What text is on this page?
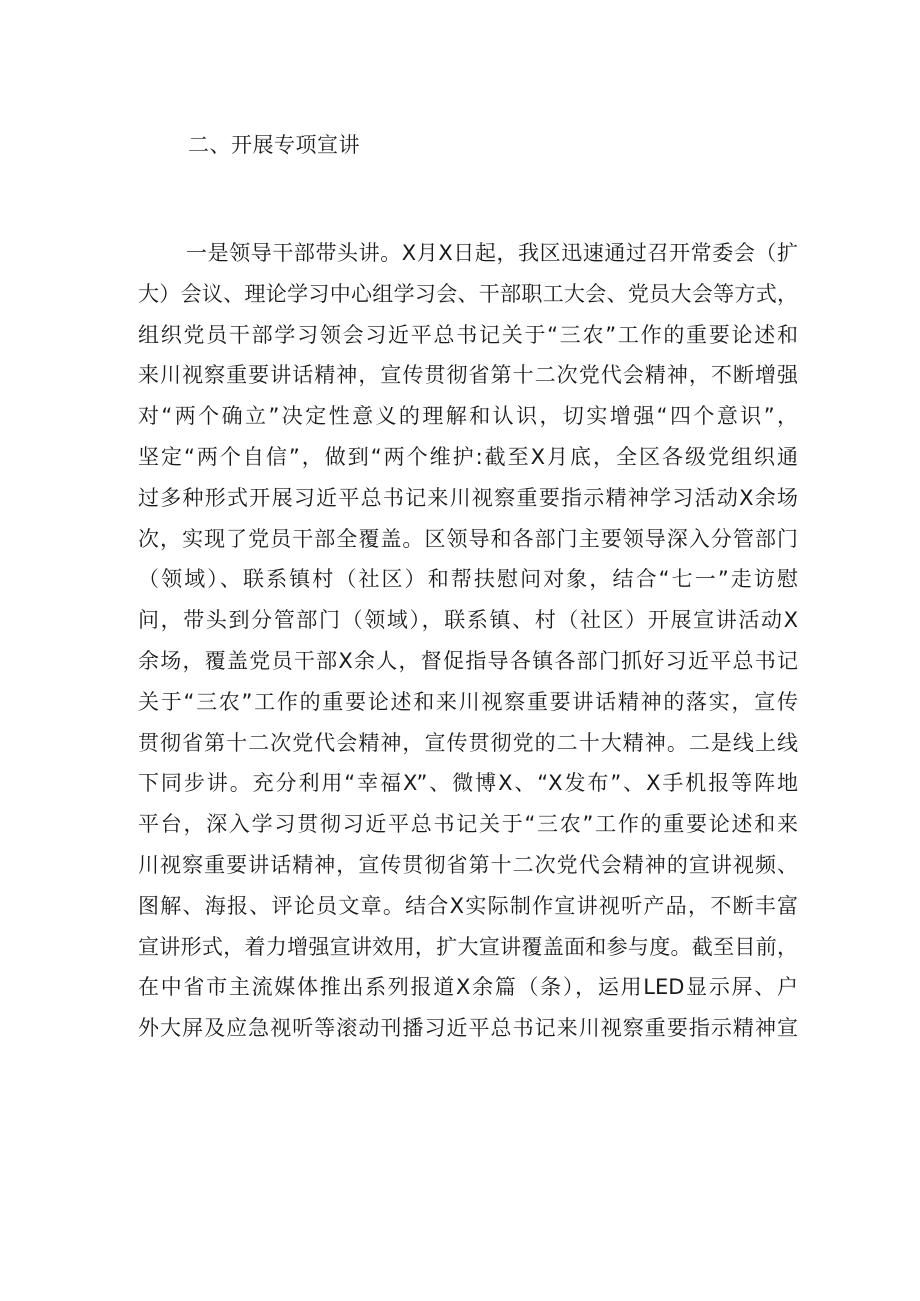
二、开展专项宣讲
一是领导干部带头讲。X月X日起，我区迅速通过召开常委会（扩
大）会议、理论学习中心组学习会、干部职工大会、党员大会等方式，
组织党员干部学习领会习近平总书记关于“三农”工作的重要论述和
来川视察重要讲话精神，宣传贯彻省第十二次党代会精神，不断增强
对“两个确立”决定性意义的理解和认识，切实增强“四个意识”，
坚定“两个自信”，做到“两个维护:截至X月底，全区各级党组织通
过多种形式开展习近平总书记来川视察重要指示精神学习活动X余场
次，实现了党员干部全覆盖。区领导和各部门主要领导深入分管部门
（领域）、联系镇村（社区）和帮扶慰问对象，结合“七一”走访慰
问，带头到分管部门（领域），联系镇、村（社区）开展宣讲活动X
余场，覆盖党员干部X余人，督促指导各镇各部门抓好习近平总书记
关于“三农”工作的重要论述和来川视察重要讲话精神的落实，宣传
贯彻省第十二次党代会精神，宣传贯彻党的二十大精神。二是线上线
下同步讲。充分利用“幸福X”、微博X、“X发布”、X手机报等阵地
平台，深入学习贯彻习近平总书记关于“三农”工作的重要论述和来
川视察重要讲话精神，宣传贯彻省第十二次党代会精神的宣讲视频、
图解、海报、评论员文章。结合X实际制作宣讲视听产品，不断丰富
宣讲形式，着力增强宣讲效用，扩大宣讲覆盖面和参与度。截至目前，
在中省市主流媒体推出系列报道X余篇（条），运用LED显示屏、户
外大屏及应急视听等滚动刊播习近平总书记来川视察重要指示精神宣
